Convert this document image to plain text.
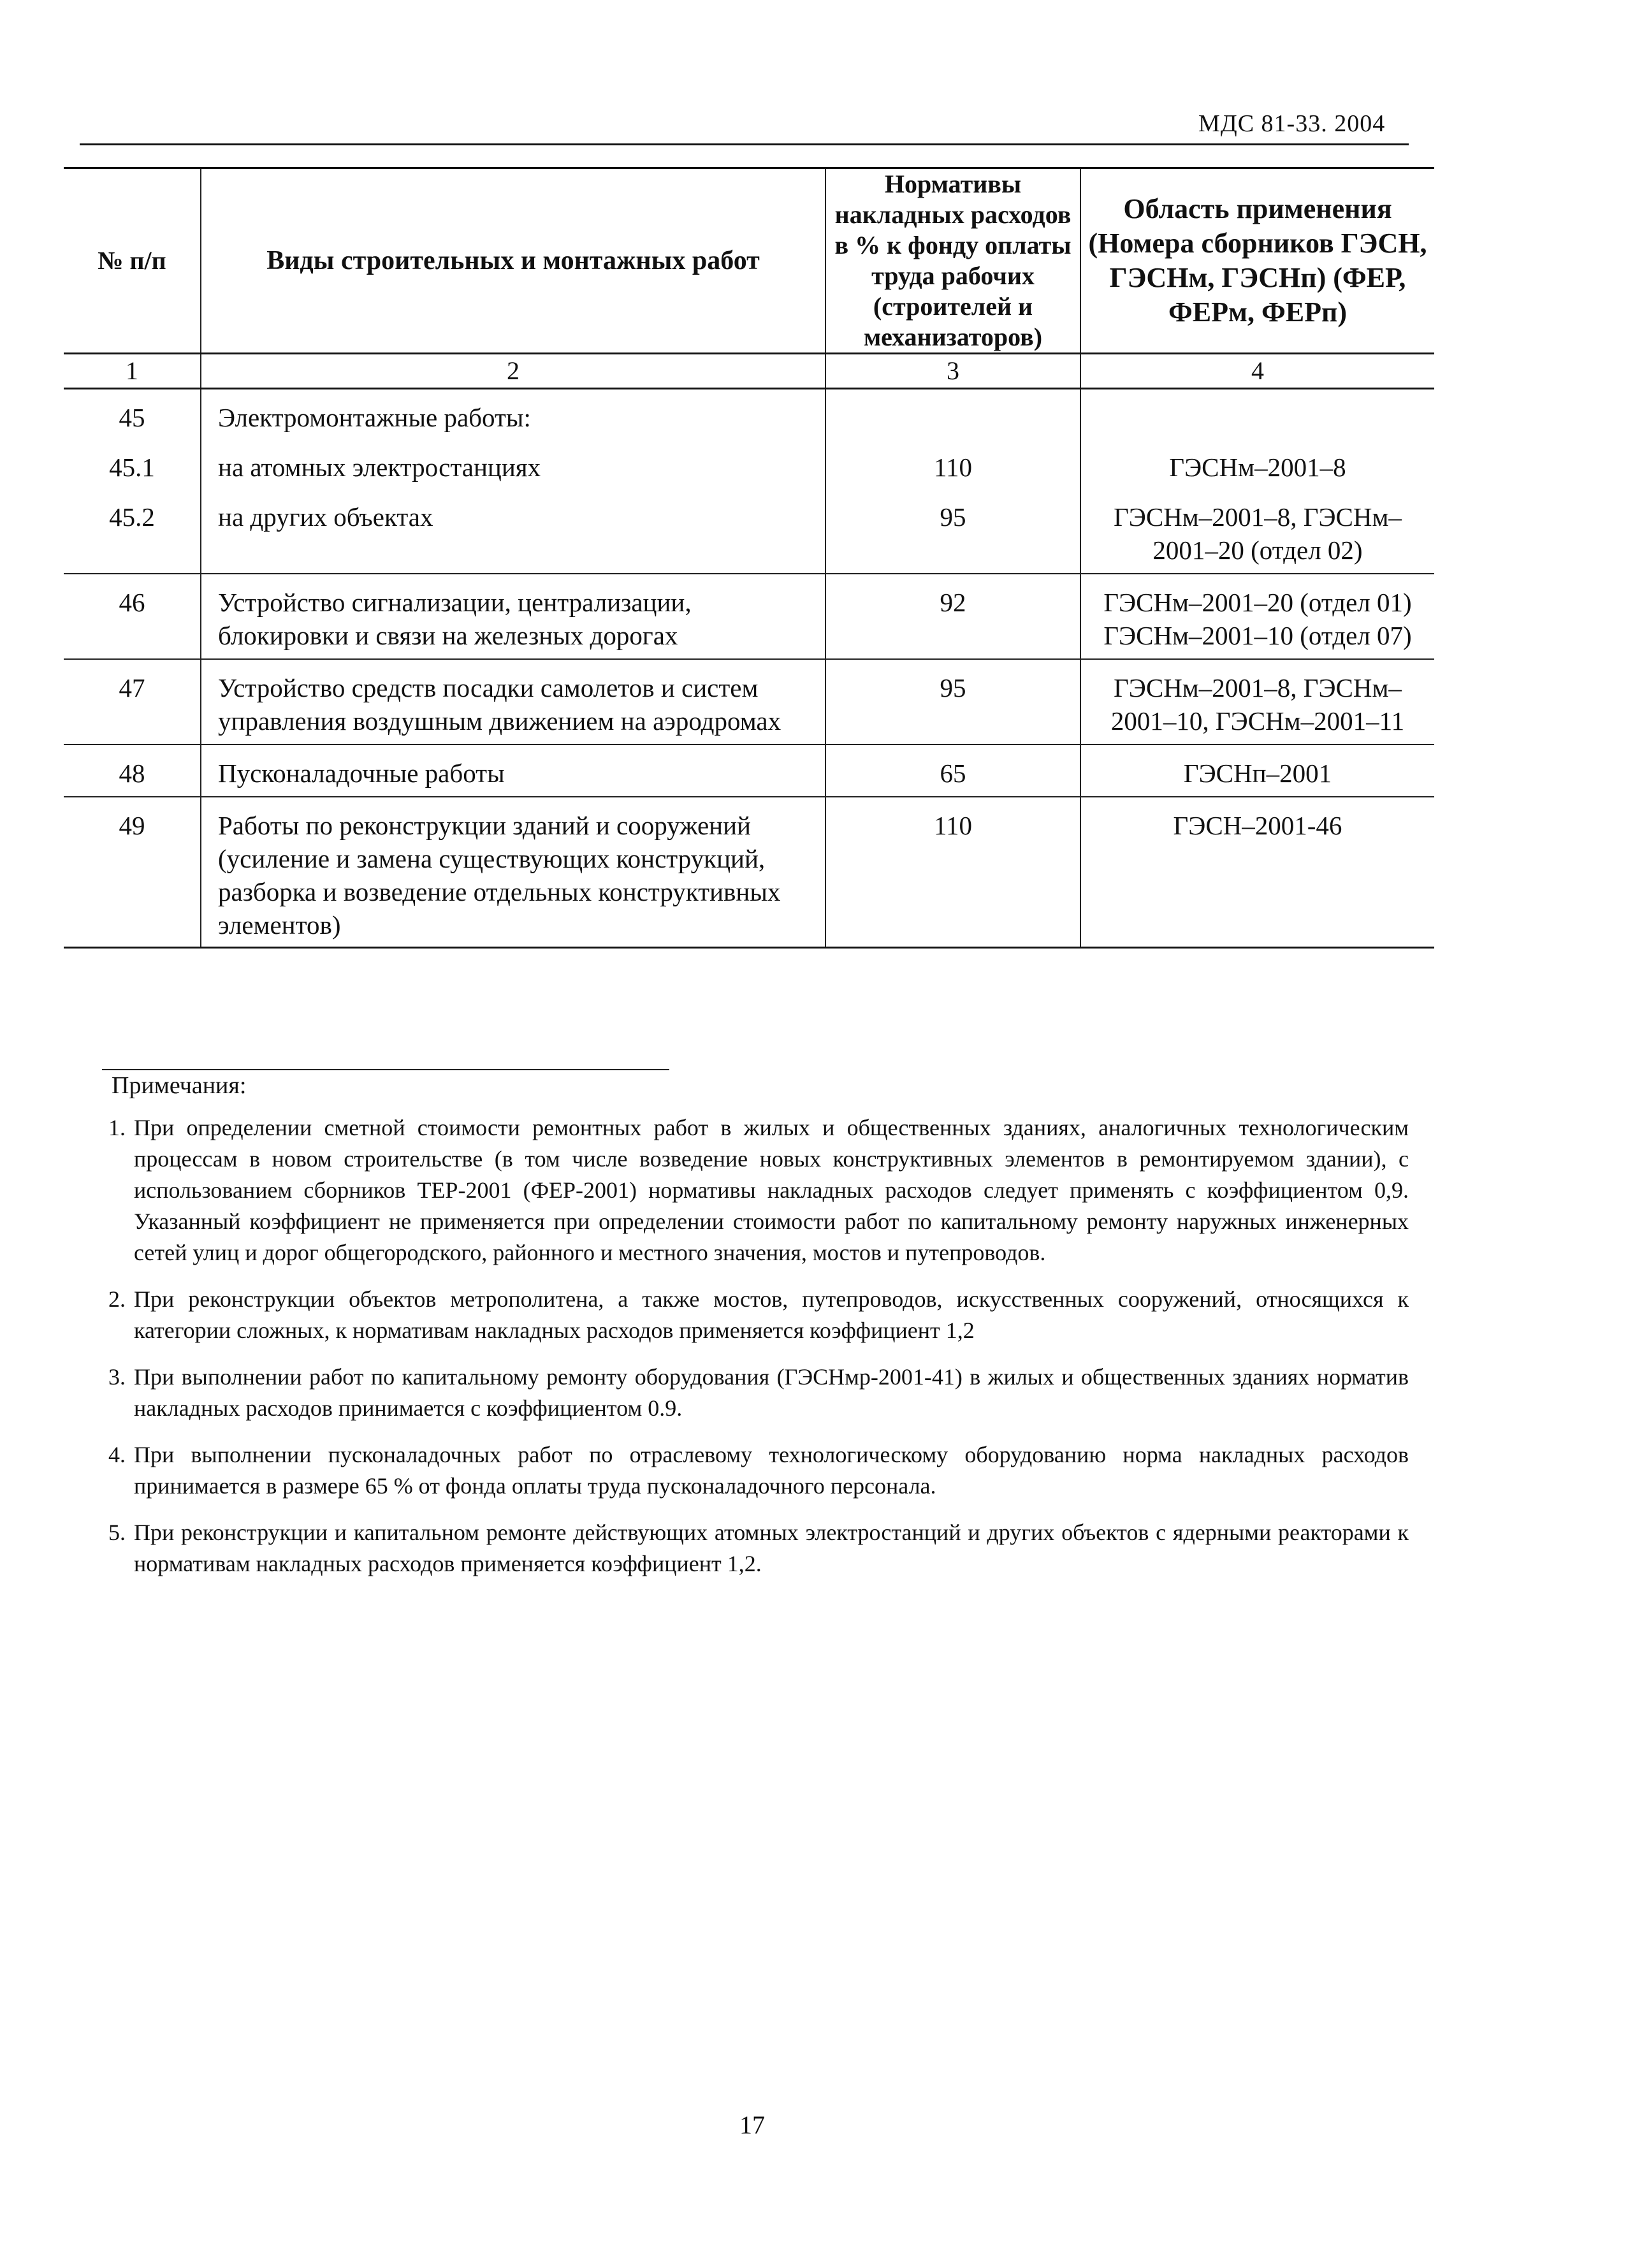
МДС 81-33. 2004
№ п/п	Виды строительных и монтажных работ	Нормативы накладных расходов в % к фонду оплаты труда рабочих (строителей и механизаторов)	Область применения (Номера сборников ГЭСН, ГЭСНм, ГЭСНп) (ФЕР, ФЕРм, ФЕРп)
1	2	3	4
45	Электромонтажные работы:		
45.1	на атомных электростанциях	110	ГЭСНм–2001–8
45.2	на других объектах	95	ГЭСНм–2001–8, ГЭСНм–2001–20 (отдел 02)
46	Устройство сигнализации, централизации, блокировки и связи на железных дорогах	92	ГЭСНм–2001–20 (отдел 01) ГЭСНм–2001–10 (отдел 07)
47	Устройство средств посадки самолетов и систем управления воздушным движением на аэродромах	95	ГЭСНм–2001–8, ГЭСНм–2001–10, ГЭСНм–2001–11
48	Пусконаладочные работы	65	ГЭСНп–2001
49	Работы по реконструкции зданий и сооружений (усиление и замена существующих конструкций, разборка и возведение отдельных конструктивных элементов)	110	ГЭСН–2001-46
Примечания:
1. При определении сметной стоимости ремонтных работ в жилых и общественных зданиях, аналогичных технологическим процессам в новом строительстве (в том числе возведение новых конструктивных элементов в ремонтируемом здании), с использованием сборников ТЕР-2001 (ФЕР-2001) нормативы накладных расходов следует применять с коэффициентом 0,9. Указанный коэффициент не применяется при определении стоимости работ по капитальному ремонту наружных инженерных сетей улиц и дорог общегородского, районного и местного значения, мостов и путепроводов.
2. При реконструкции объектов метрополитена, а также мостов, путепроводов, искусственных сооружений, относящихся к категории сложных, к нормативам накладных расходов применяется коэффициент 1,2
3. При выполнении работ по капитальному ремонту оборудования (ГЭСНмр-2001-41) в жилых и общественных зданиях норматив накладных расходов принимается с коэффициентом 0.9.
4. При выполнении пусконаладочных работ по отраслевому технологическому оборудованию норма накладных расходов принимается в размере 65 % от фонда оплаты труда пусконаладочного персонала.
5. При реконструкции и капитальном ремонте действующих атомных электростанций и других объектов с ядерными реакторами к нормативам накладных расходов применяется коэффициент 1,2.
17
